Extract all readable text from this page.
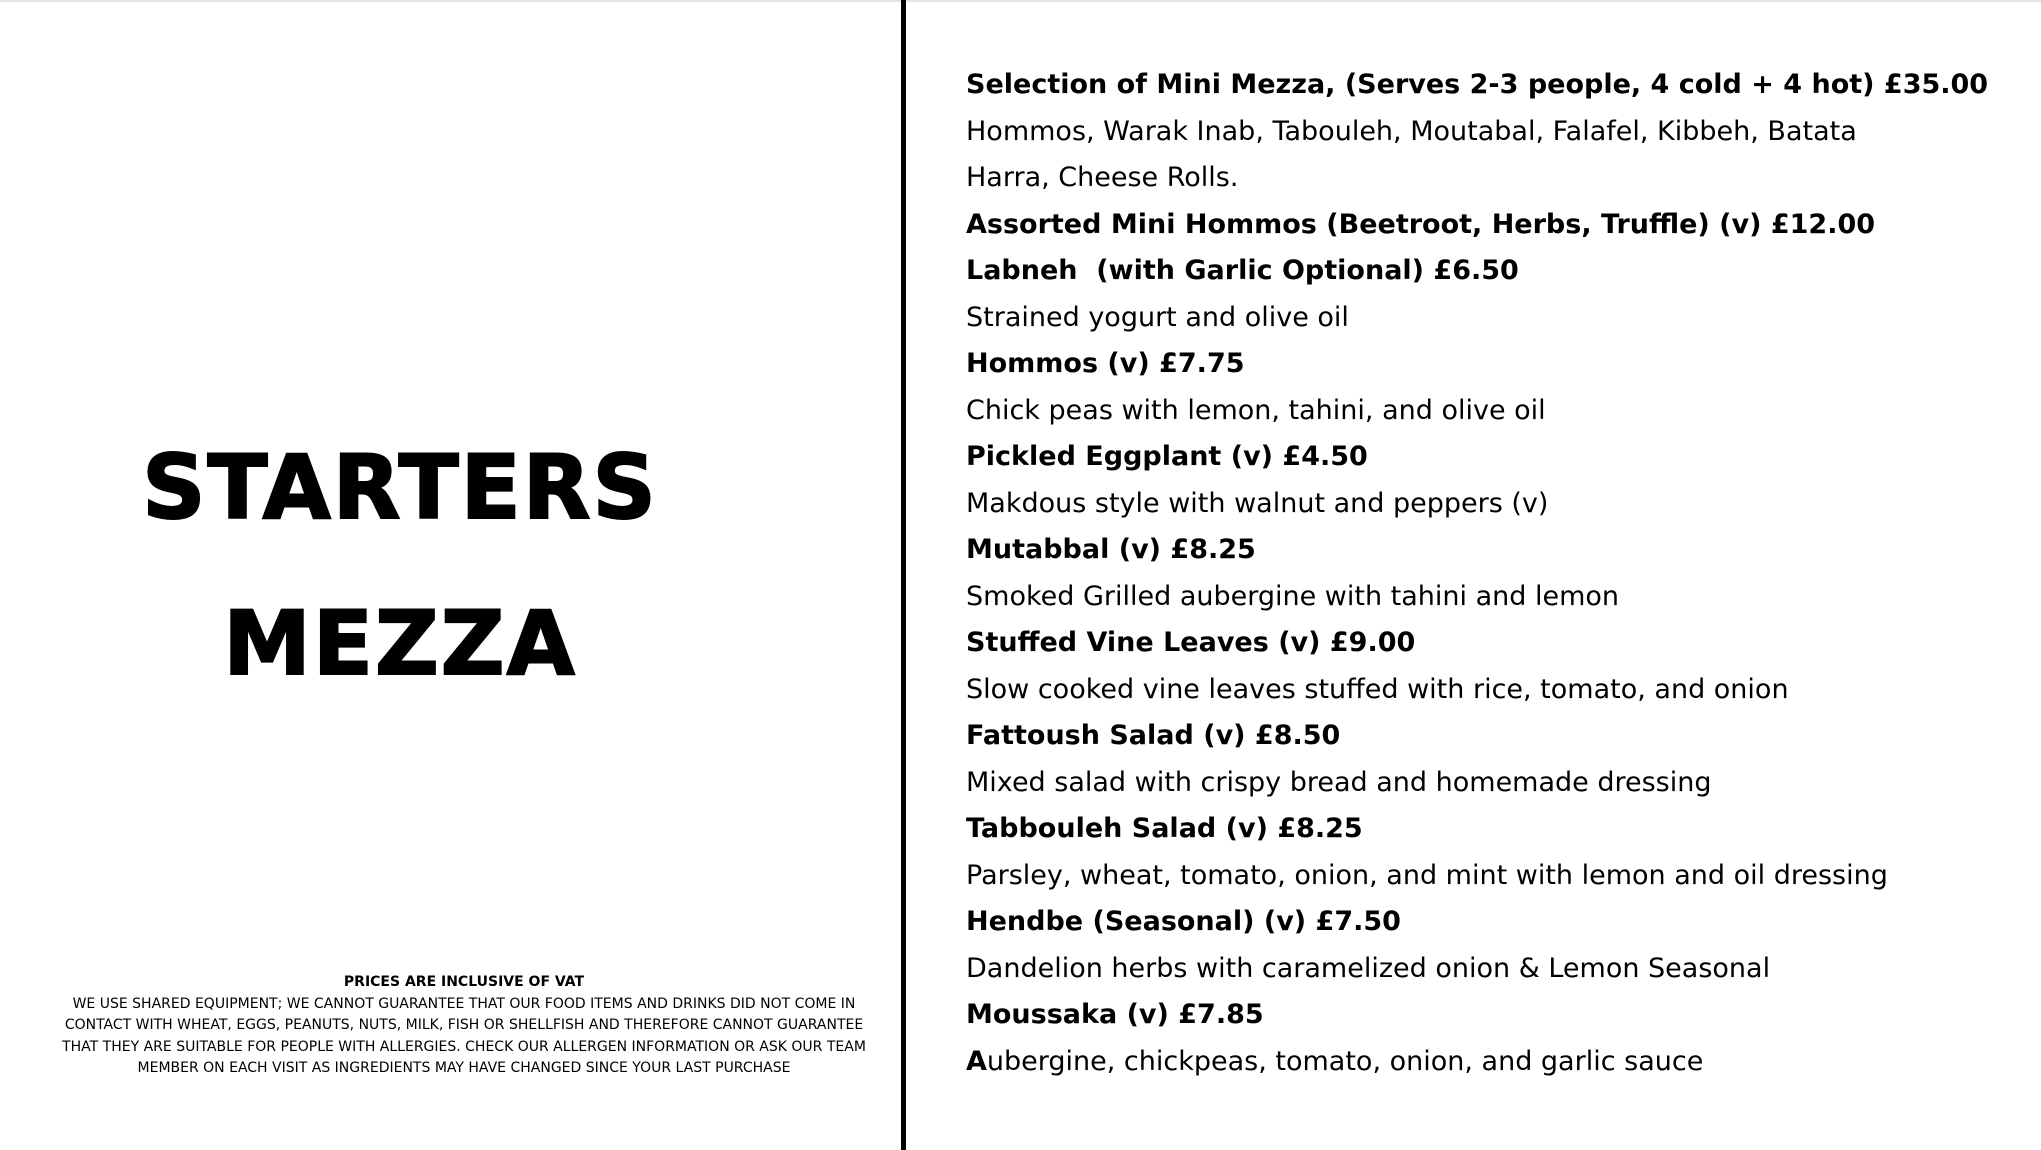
STARTERS
MEZZA
PRICES ARE INCLUSIVE OF VAT
WE USE SHARED EQUIPMENT; WE CANNOT GUARANTEE THAT OUR FOOD ITEMS AND DRINKS DID NOT COME IN CONTACT WITH WHEAT, EGGS, PEANUTS, NUTS, MILK, FISH OR SHELLFISH AND THEREFORE CANNOT GUARANTEE THAT THEY ARE SUITABLE FOR PEOPLE WITH ALLERGIES. CHECK OUR ALLERGEN INFORMATION OR ASK OUR TEAM MEMBER ON EACH VISIT AS INGREDIENTS MAY HAVE CHANGED SINCE YOUR LAST PURCHASE
Selection of Mini Mezza, (Serves 2-3 people, 4 cold + 4 hot) £35.00
Hommos, Warak Inab, Tabouleh, Moutabal, Falafel, Kibbeh, Batata Harra, Cheese Rolls.
Assorted Mini Hommos (Beetroot, Herbs, Truffle) (v) £12.00
Labneh  (with Garlic Optional) £6.50
Strained yogurt and olive oil
Hommos (v) £7.75
Chick peas with lemon, tahini, and olive oil
Pickled Eggplant (v) £4.50
Makdous style with walnut and peppers (v)
Mutabbal (v) £8.25
Smoked Grilled aubergine with tahini and lemon
Stuffed Vine Leaves (v) £9.00
Slow cooked vine leaves stuffed with rice, tomato, and onion
Fattoush Salad (v) £8.50
Mixed salad with crispy bread and homemade dressing
Tabbouleh Salad (v) £8.25
Parsley, wheat, tomato, onion, and mint with lemon and oil dressing
Hendbe (Seasonal) (v) £7.50
Dandelion herbs with caramelized onion & Lemon Seasonal
Moussaka (v) £7.85
Aubergine, chickpeas, tomato, onion, and garlic sauce
